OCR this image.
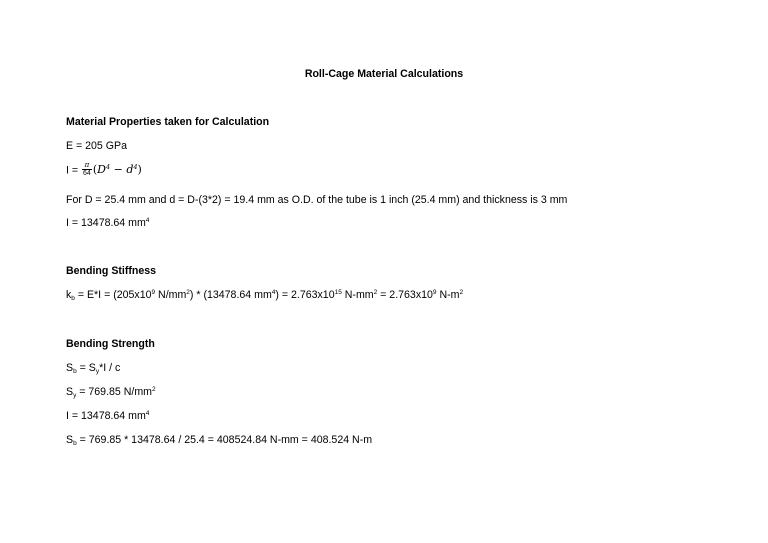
Roll-Cage Material Calculations
Material Properties taken for Calculation
E = 205 GPa
$I = \frac{\pi}{64} (D^4 - d^4)$
For D = 25.4 mm and d = D-(3*2) = 19.4 mm as O.D. of the tube is 1 inch (25.4 mm) and thickness is 3 mm
I = 13478.64 $mm^4$
Bending Stiffness
$k_b = E*I = (205x10^9$ $N/mm^2) * (13478.64$ $mm^4) = 2.763x10^{15}$ $N-mm^2 = 2.763x10^9$ $N-m^2$
Bending Strength
$S_b = S_y*I / c$
$S_y = 769.85$ $N/mm^2$
I = 13478.64 $mm^4$
$S_b = 769.85 * 13478.64 / 25.4 = 408524.84$ N-mm = 408.524 N-m
